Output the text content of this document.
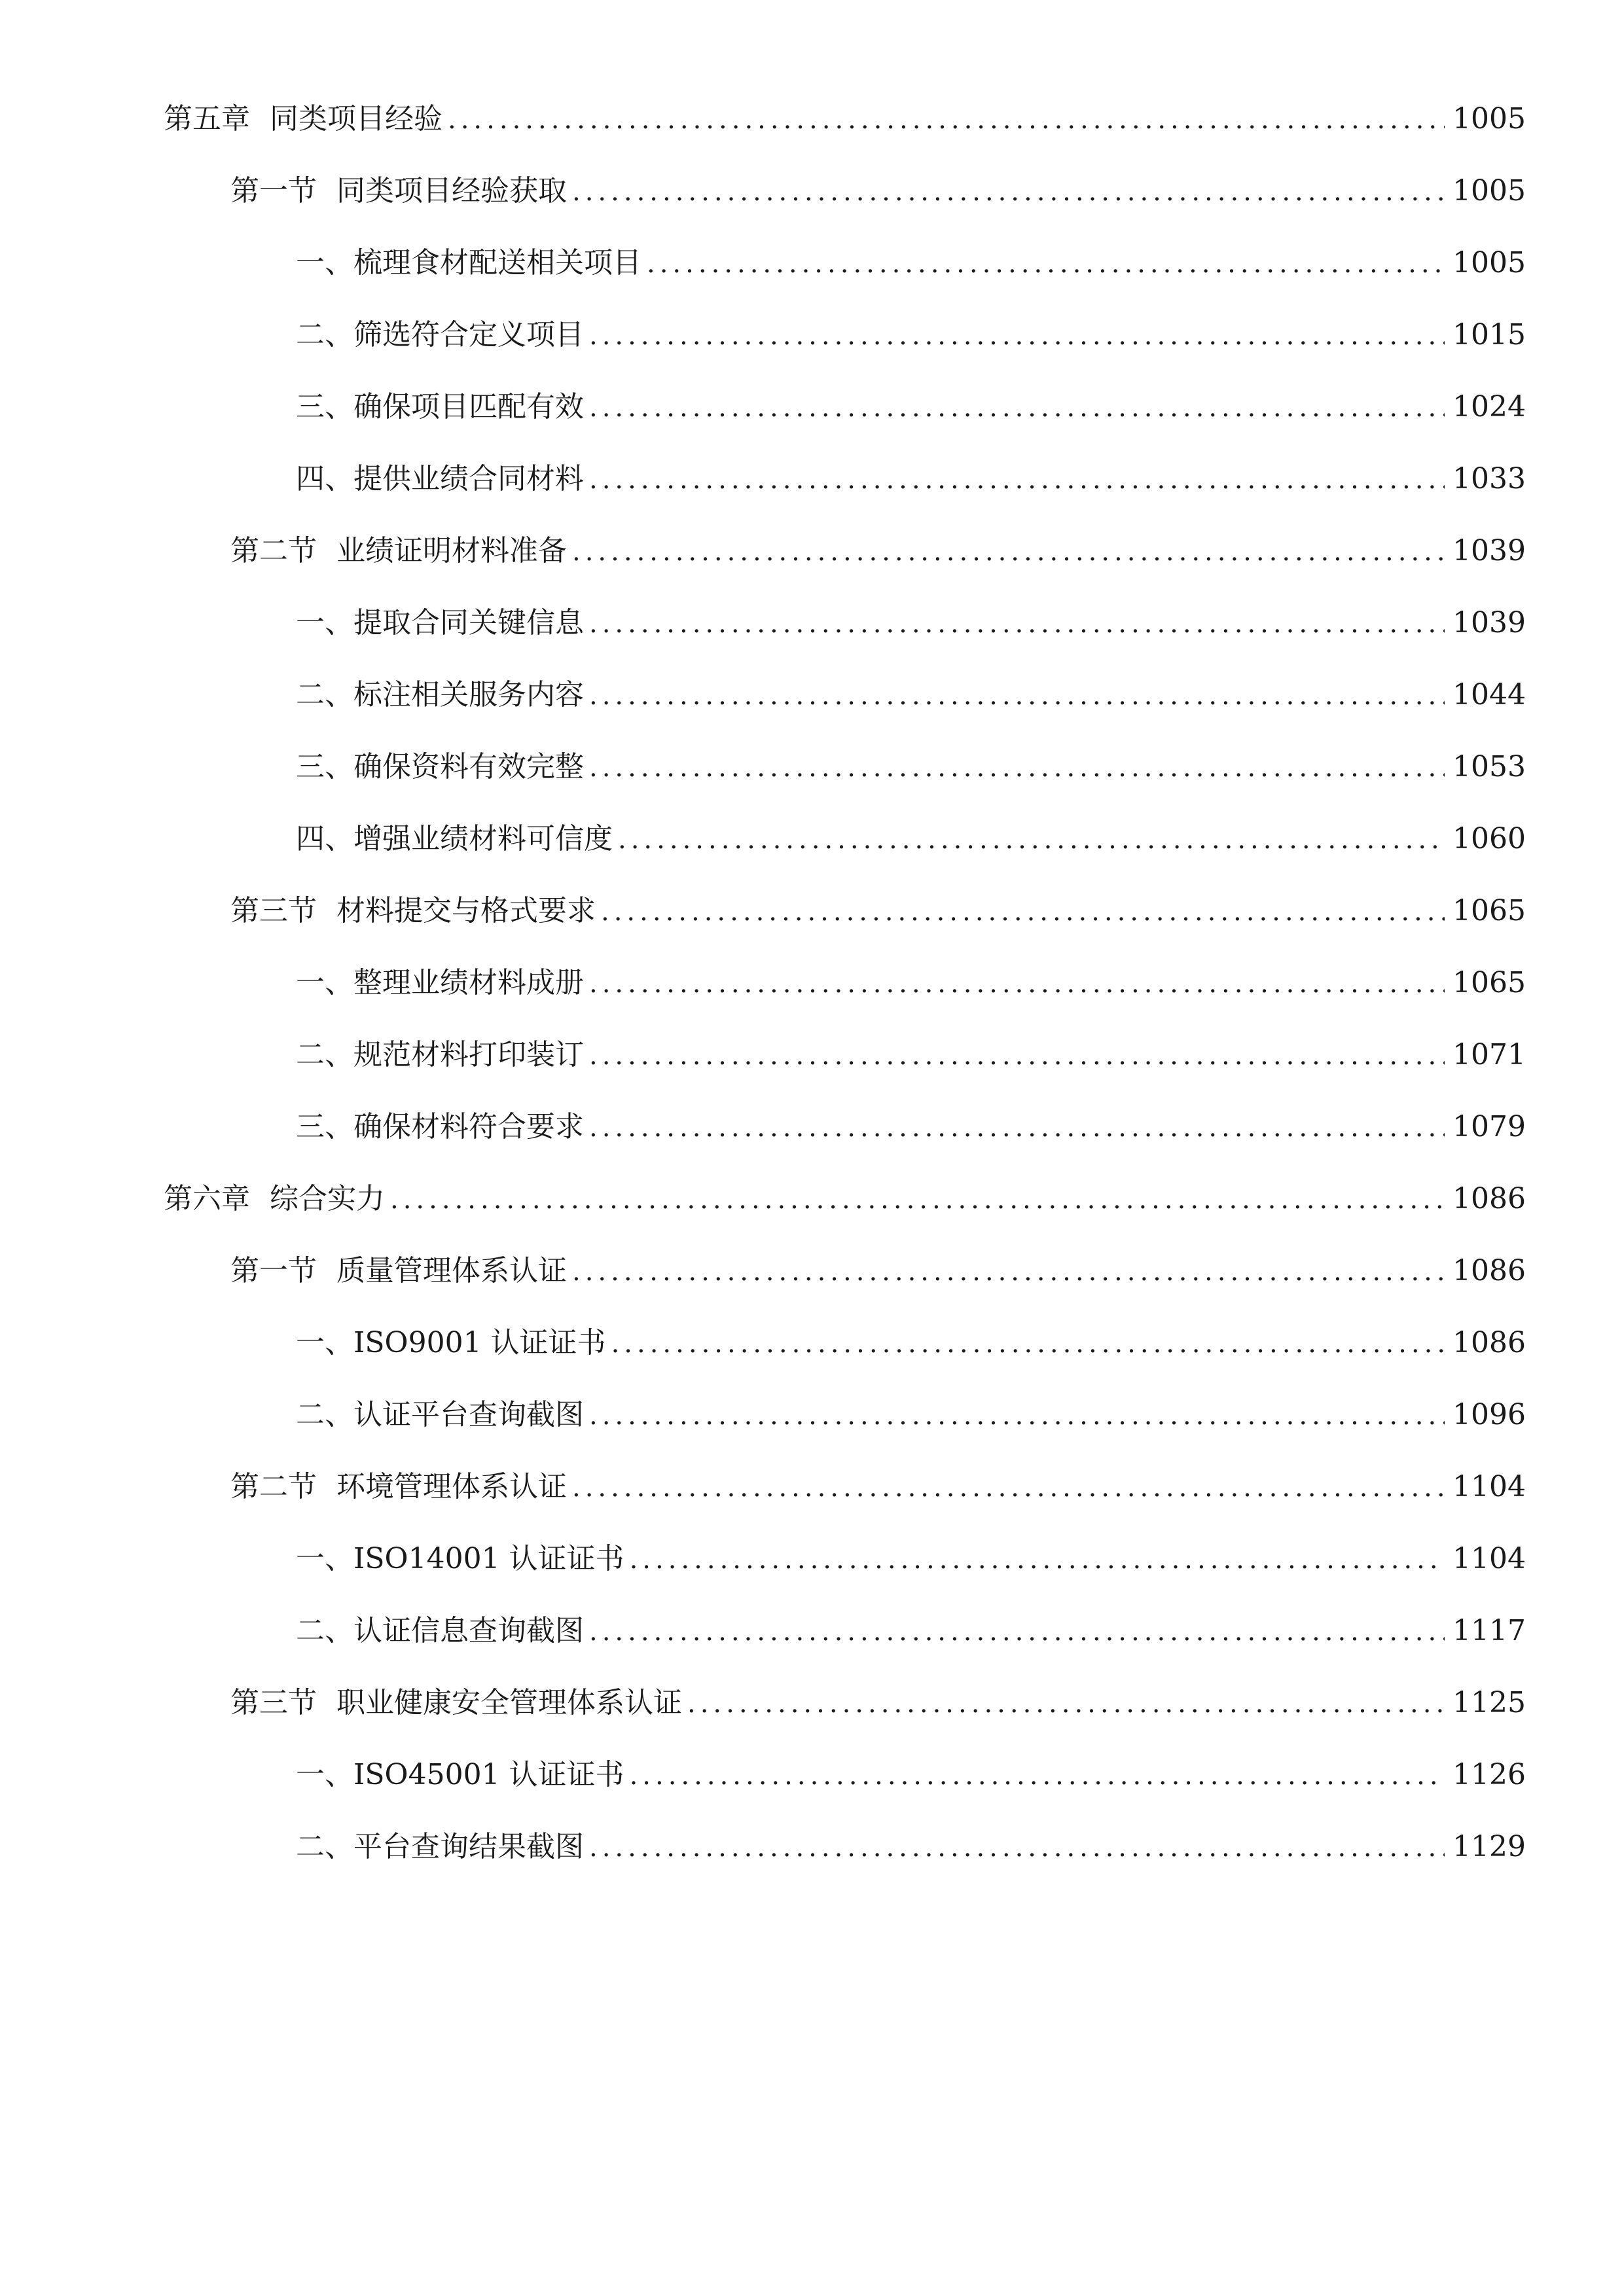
第五章 同类项目经验 .....	1005
第一节 同类项目经验获取 .....	1005
一、 梳理食材配送相关项目 .....	1005
二、 筛选符合定义项目 .....	1015
三、 确保项目匹配有效 .....	1024
四、 提供业绩合同材料 .....	1033
第二节 业绩证明材料准备 .....	1039
一、 提取合同关键信息 .....	1039
二、 标注相关服务内容 .....	1044
三、 确保资料有效完整 .....	1053
四、 增强业绩材料可信度 .....	1060
第三节 材料提交与格式要求 .....	1065
一、 整理业绩材料成册 .....	1065
二、 规范材料打印装订 .....	1071
三、 确保材料符合要求 .....	1079
第六章 综合实力 .....	1086
第一节 质量管理体系认证 .....	1086
一、 ISO9001 认证证书 .....	1086
二、 认证平台查询截图 .....	1096
第二节 环境管理体系认证 .....	1104
一、 ISO14001 认证证书 .....	1104
二、 认证信息查询截图 .....	1117
第三节 职业健康安全管理体系认证 .....	1125
一、 ISO45001 认证证书 .....	1126
二、 平台查询结果截图 .....	1129
